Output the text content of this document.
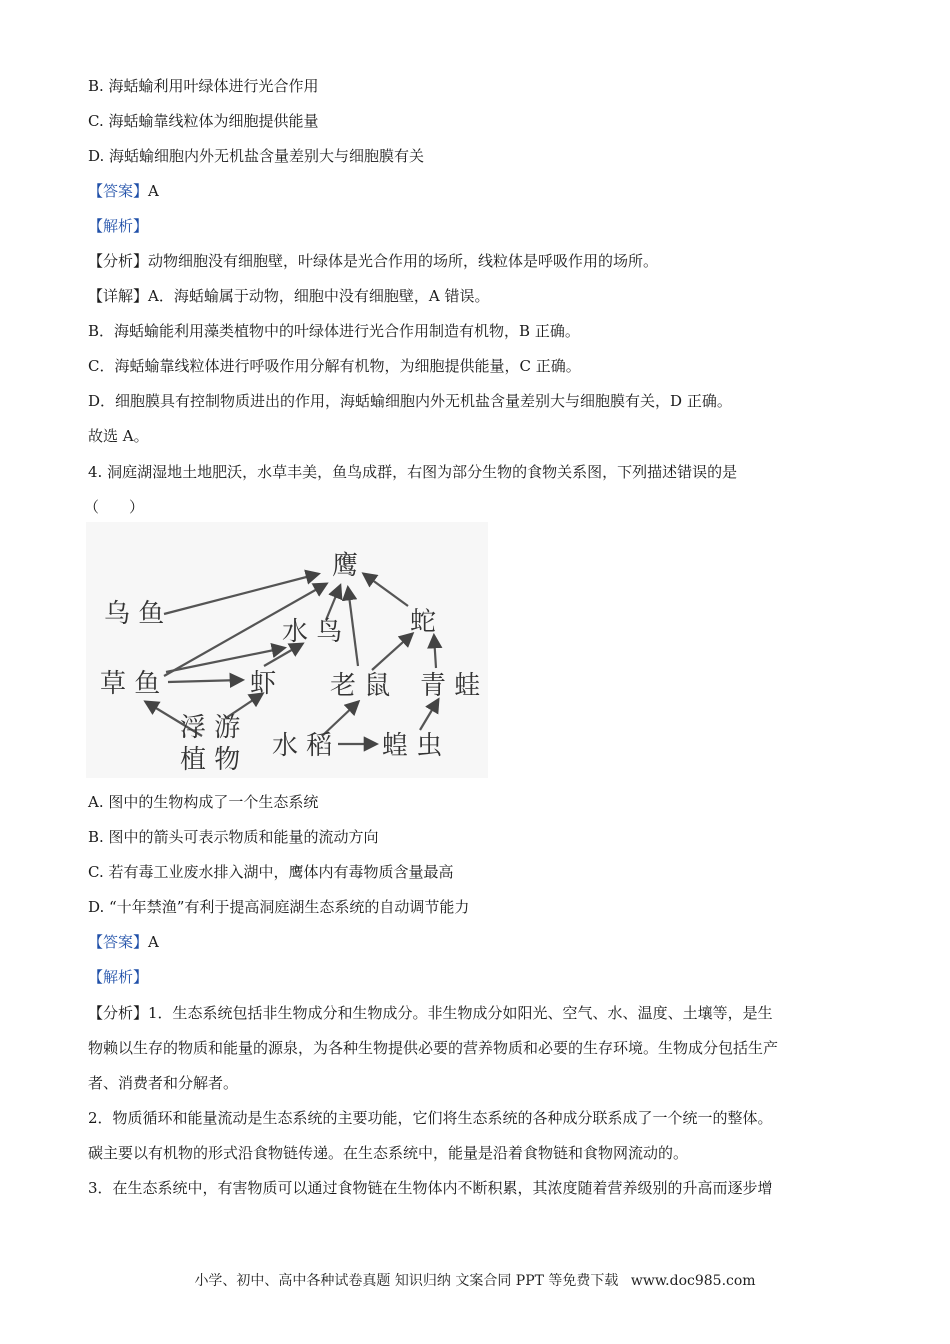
B. 海蛞蝓利用叶绿体进行光合作用
C. 海蛞蝓靠线粒体为细胞提供能量
D. 海蛞蝓细胞内外无机盐含量差别大与细胞膜有关
【答案】A
【解析】
【分析】动物细胞没有细胞壁，叶绿体是光合作用的场所，线粒体是呼吸作用的场所。
【详解】A．海蛞蝓属于动物，细胞中没有细胞壁，A 错误。
B．海蛞蝓能利用藻类植物中的叶绿体进行光合作用制造有机物，B 正确。
C．海蛞蝓靠线粒体进行呼吸作用分解有机物，为细胞提供能量，C 正确。
D．细胞膜具有控制物质进出的作用，海蛞蝓细胞内外无机盐含量差别大与细胞膜有关，D 正确。
故选 A。
4. 洞庭湖湿地土地肥沃，水草丰美，鱼鸟成群，右图为部分生物的食物关系图，下列描述错误的是
（　　）
鹰
乌 鱼
水 鸟	蛇
草 鱼	虾 老 鼠 青 蛙
浮 游
植 物 水 稻 蝗 虫
A. 图中的生物构成了一个生态系统
B. 图中的箭头可表示物质和能量的流动方向
C. 若有毒工业废水排入湖中，鹰体内有毒物质含量最高
D. “十年禁渔”有利于提高洞庭湖生态系统的自动调节能力
【答案】A
【解析】
【分析】1．生态系统包括非生物成分和生物成分。非生物成分如阳光、空气、水、温度、土壤等，是生
物赖以生存的物质和能量的源泉，为各种生物提供必要的营养物质和必要的生存环境。生物成分包括生产
者、消费者和分解者。
2．物质循环和能量流动是生态系统的主要功能，它们将生态系统的各种成分联系成了一个统一的整体。
碳主要以有机物的形式沿食物链传递。在生态系统中，能量是沿着食物链和食物网流动的。
3．在生态系统中，有害物质可以通过食物链在生物体内不断积累，其浓度随着营养级别的升高而逐步增
小学、初中、高中各种试卷真题 知识归纳 文案合同 PPT 等免费下载 www.doc985.com
